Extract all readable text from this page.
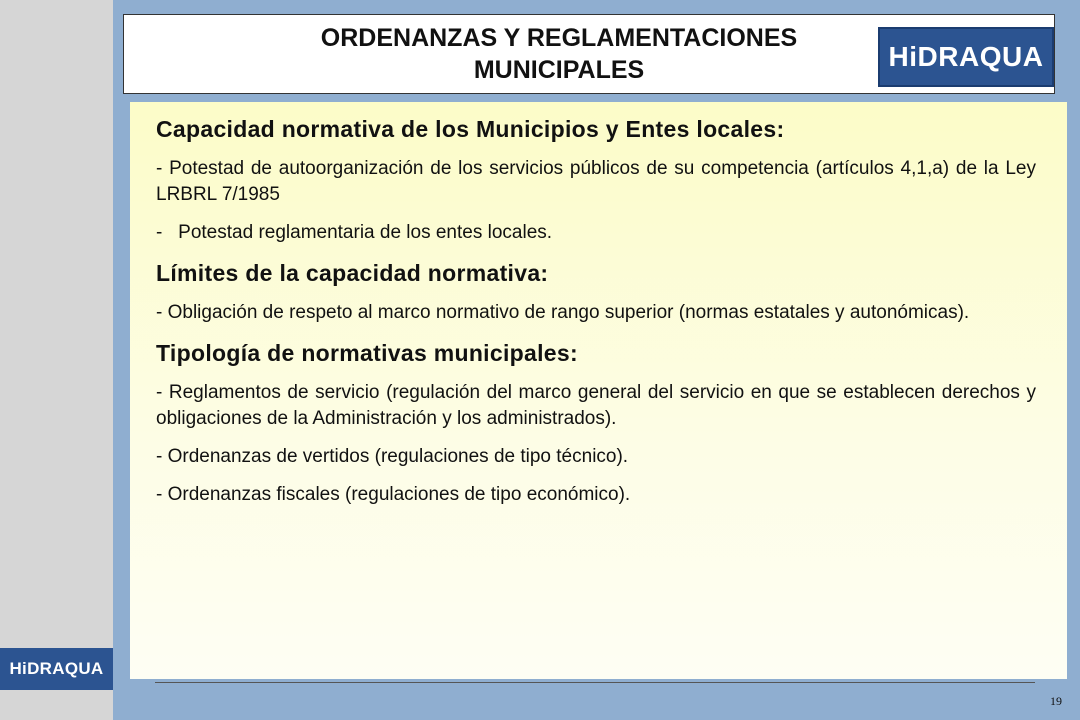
HiDRAQUA
ORDENANZAS Y REGLAMENTACIONES
MUNICIPALES	HiDRAQUA
Capacidad normativa de los Municipios y Entes locales:
- Potestad de autoorganización de los servicios públicos de su competencia (artículos 4,1,a) de la Ley LRBRL 7/1985
-   Potestad reglamentaria de los entes locales.
Límites de la capacidad normativa:
- Obligación de respeto al marco normativo de rango superior (normas estatales y autonómicas).
Tipología de normativas municipales:
- Reglamentos de servicio (regulación del marco general del servicio en que se establecen derechos y obligaciones de la Administración y los administrados).
- Ordenanzas de vertidos (regulaciones de tipo técnico).
- Ordenanzas fiscales (regulaciones de tipo económico).
19
